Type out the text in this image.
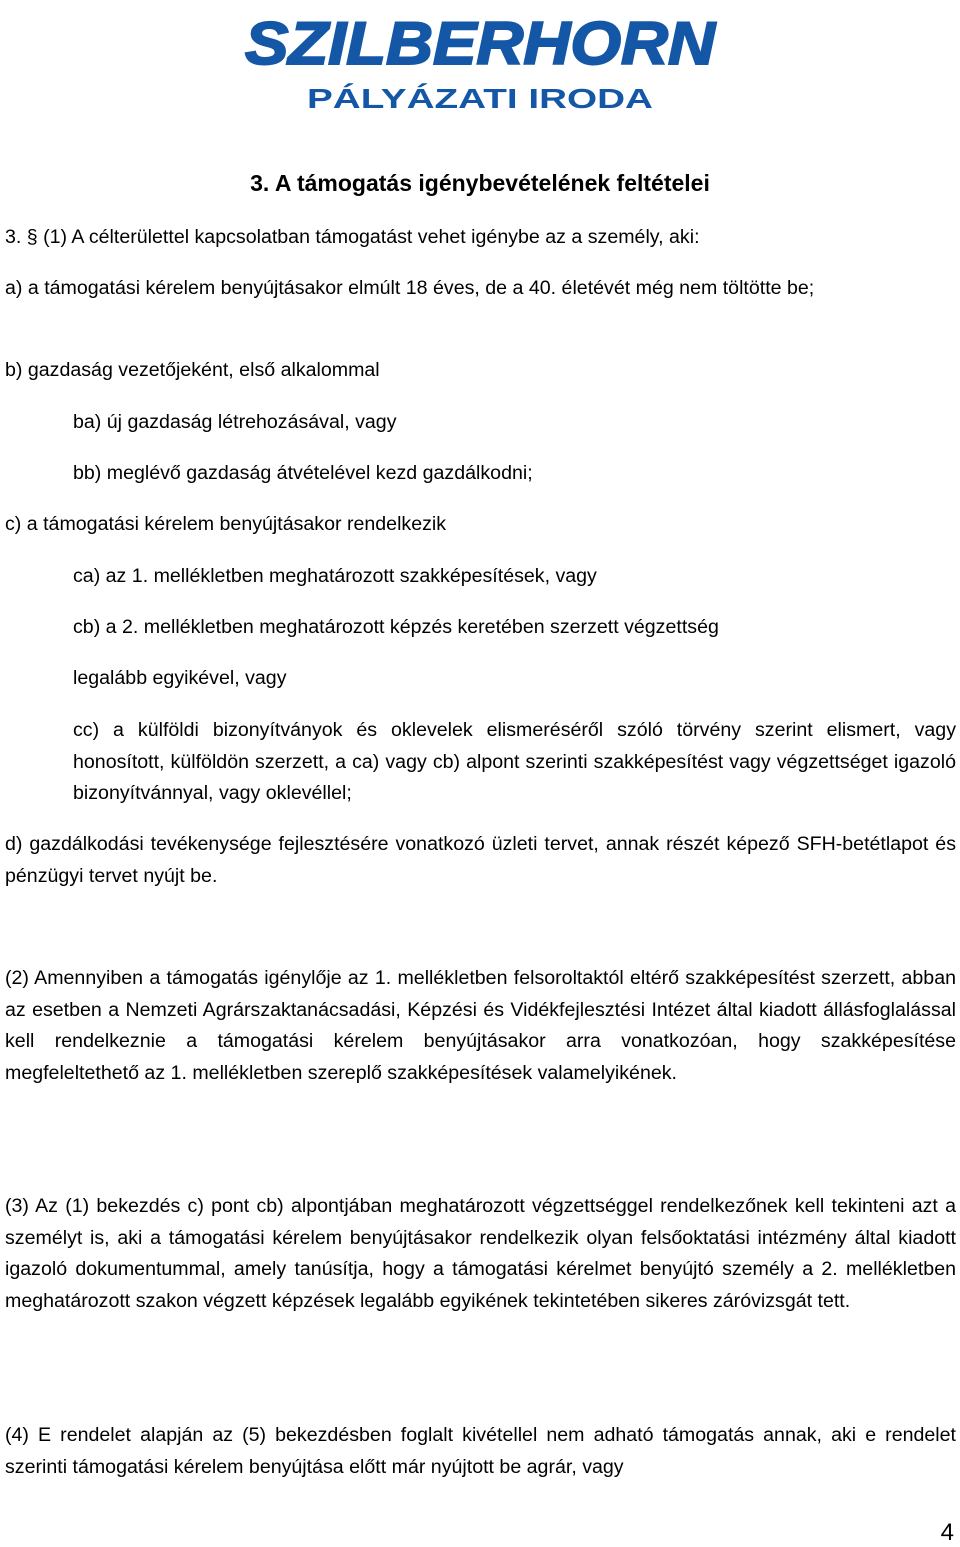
SZILBERHORN
PÁLYÁZATI IRODA
3. A támogatás igénybevételének feltételei

3. § (1) A célterülettel kapcsolatban támogatást vehet igénybe az a személy, aki:

a) a támogatási kérelem benyújtásakor elmúlt 18 éves, de a 40. életévét még nem töltötte be;

b) gazdaság vezetőjeként, első alkalommal

ba) új gazdaság létrehozásával, vagy

bb) meglévő gazdaság átvételével kezd gazdálkodni;

c) a támogatási kérelem benyújtásakor rendelkezik

ca) az 1. mellékletben meghatározott szakképesítések, vagy

cb) a 2. mellékletben meghatározott képzés keretében szerzett végzettség

legalább egyikével, vagy

cc) a külföldi bizonyítványok és oklevelek elismeréséről szóló törvény szerint elismert, vagy honosított, külföldön szerzett, a ca) vagy cb) alpont szerinti szakképesítést vagy végzettséget igazoló bizonyítvánnyal, vagy oklevéllel;

d) gazdálkodási tevékenysége fejlesztésére vonatkozó üzleti tervet, annak részét képező SFH-betétlapot és pénzügyi tervet nyújt be.

(2) Amennyiben a támogatás igénylője az 1. mellékletben felsoroltaktól eltérő szakképesítést szerzett, abban az esetben a Nemzeti Agrárszaktanácsadási, Képzési és Vidékfejlesztési Intézet által kiadott állásfoglalással kell rendelkeznie a támogatási kérelem benyújtásakor arra vonatkozóan, hogy szakképesítése megfeleltethető az 1. mellékletben szereplő szakképesítések valamelyikének.

(3) Az (1) bekezdés c) pont cb) alpontjában meghatározott végzettséggel rendelkezőnek kell tekinteni azt a személyt is, aki a támogatási kérelem benyújtásakor rendelkezik olyan felsőoktatási intézmény által kiadott igazoló dokumentummal, amely tanúsítja, hogy a támogatási kérelmet benyújtó személy a 2. mellékletben meghatározott szakon végzett képzések legalább egyikének tekintetében sikeres záróvizsgát tett.

(4) E rendelet alapján az (5) bekezdésben foglalt kivétellel nem adható támogatás annak, aki e rendelet szerinti támogatási kérelem benyújtása előtt már nyújtott be agrár, vagy

4
